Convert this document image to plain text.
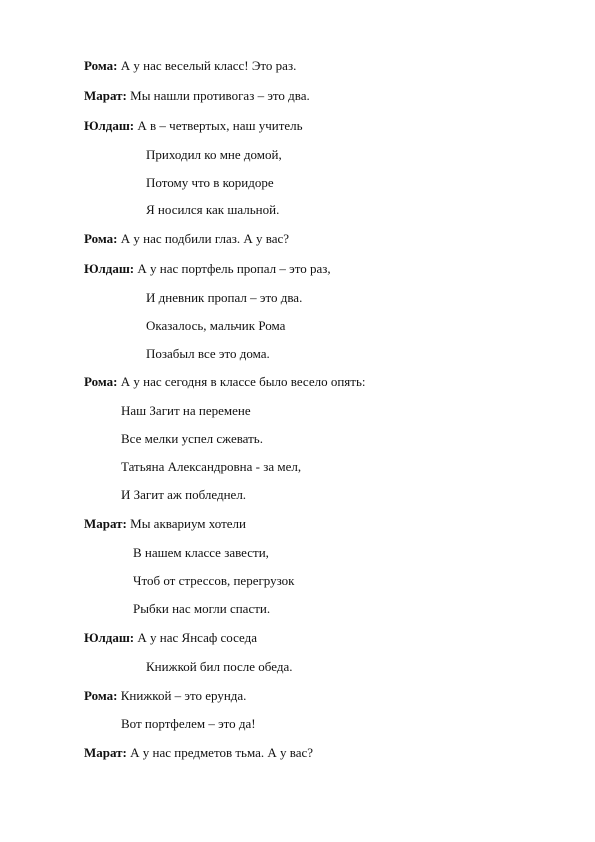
Рома: А у нас веселый класс! Это раз.
Марат: Мы нашли противогаз – это два.
Юлдаш: А в – четвертых, наш учитель
Приходил ко мне домой,
Потому что в коридоре
Я носился как шальной.
Рома: А у нас подбили глаз. А у вас?
Юлдаш: А у нас портфель пропал – это раз,
И дневник пропал – это два.
Оказалось, мальчик Рома
Позабыл все это дома.
Рома: А у нас сегодня в классе было весело опять:
Наш Загит на перемене
Все мелки успел сжевать.
Татьяна Александровна - за мел,
И Загит аж побледнел.
Марат: Мы аквариум хотели
В нашем классе завести,
Чтоб от стрессов, перегрузок
Рыбки нас могли спасти.
Юлдаш: А у нас Янсаф соседа
Книжкой бил после обеда.
Рома: Книжкой – это ерунда.
Вот портфелем – это да!
Марат: А у нас предметов тьма. А у вас?
